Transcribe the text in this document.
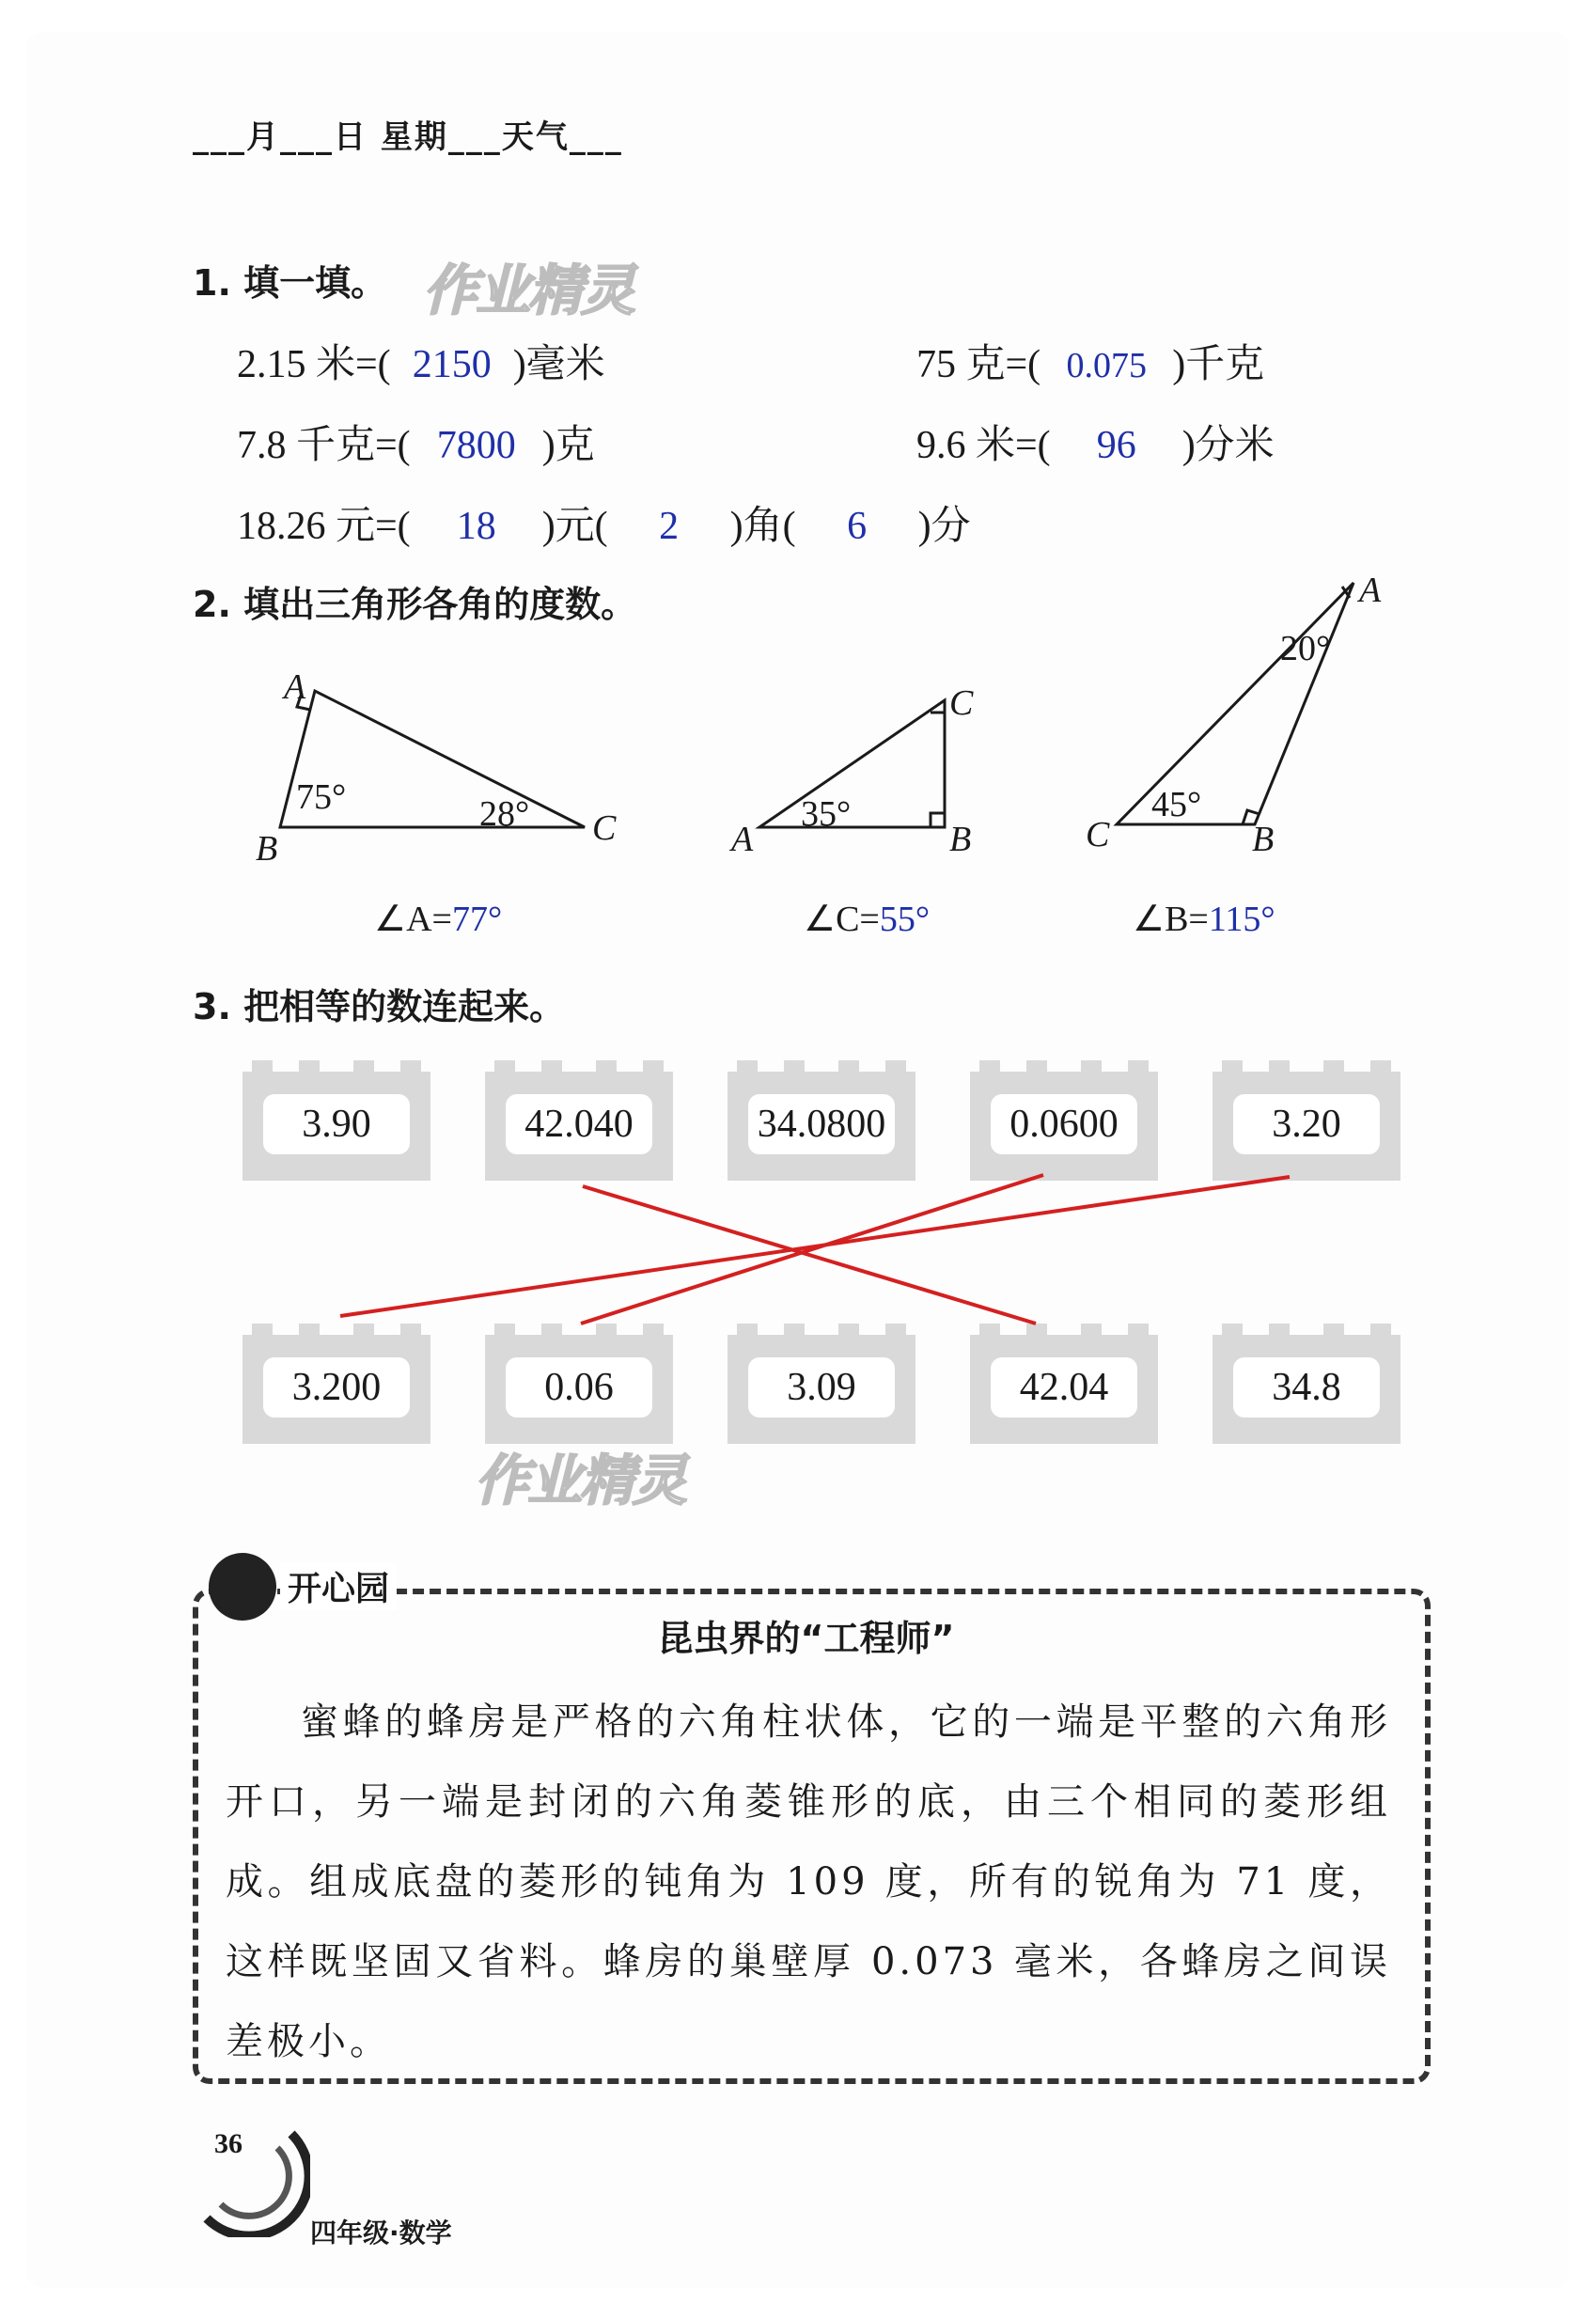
___月___日 星期___天气___
1. 填一填。 作业精灵
2.15 米=( 2150 )毫米	75 克=( 0.075 )千克
7.8 千克=( 7800 )克	9.6 米=( 96 )分米
18.26 元=( 18 )元( 2 )角( 6 )分
2. 填出三角形各角的度数。
A
B
C
75°	28°
C
A	B
35°
A
20°
C	B
45°
∠A=77°	∠C=55°	∠B=115°
3. 把相等的数连起来。
3.90	42.040	34.0800	0.0600	3.20
3.200	0.06	3.09	42.04	34.8
作业精灵
开心园
昆虫界的“工程师”

蜜蜂的蜂房是严格的六角柱状体，它的一端是平整的六角形开口，另一端是封闭的六角菱锥形的底，由三个相同的菱形组成。组成底盘的菱形的钝角为 109 度，所有的锐角为 71 度，这样既坚固又省料。蜂房的巢壁厚 0.073 毫米，各蜂房之间误差极小。

36
四年级·数学
